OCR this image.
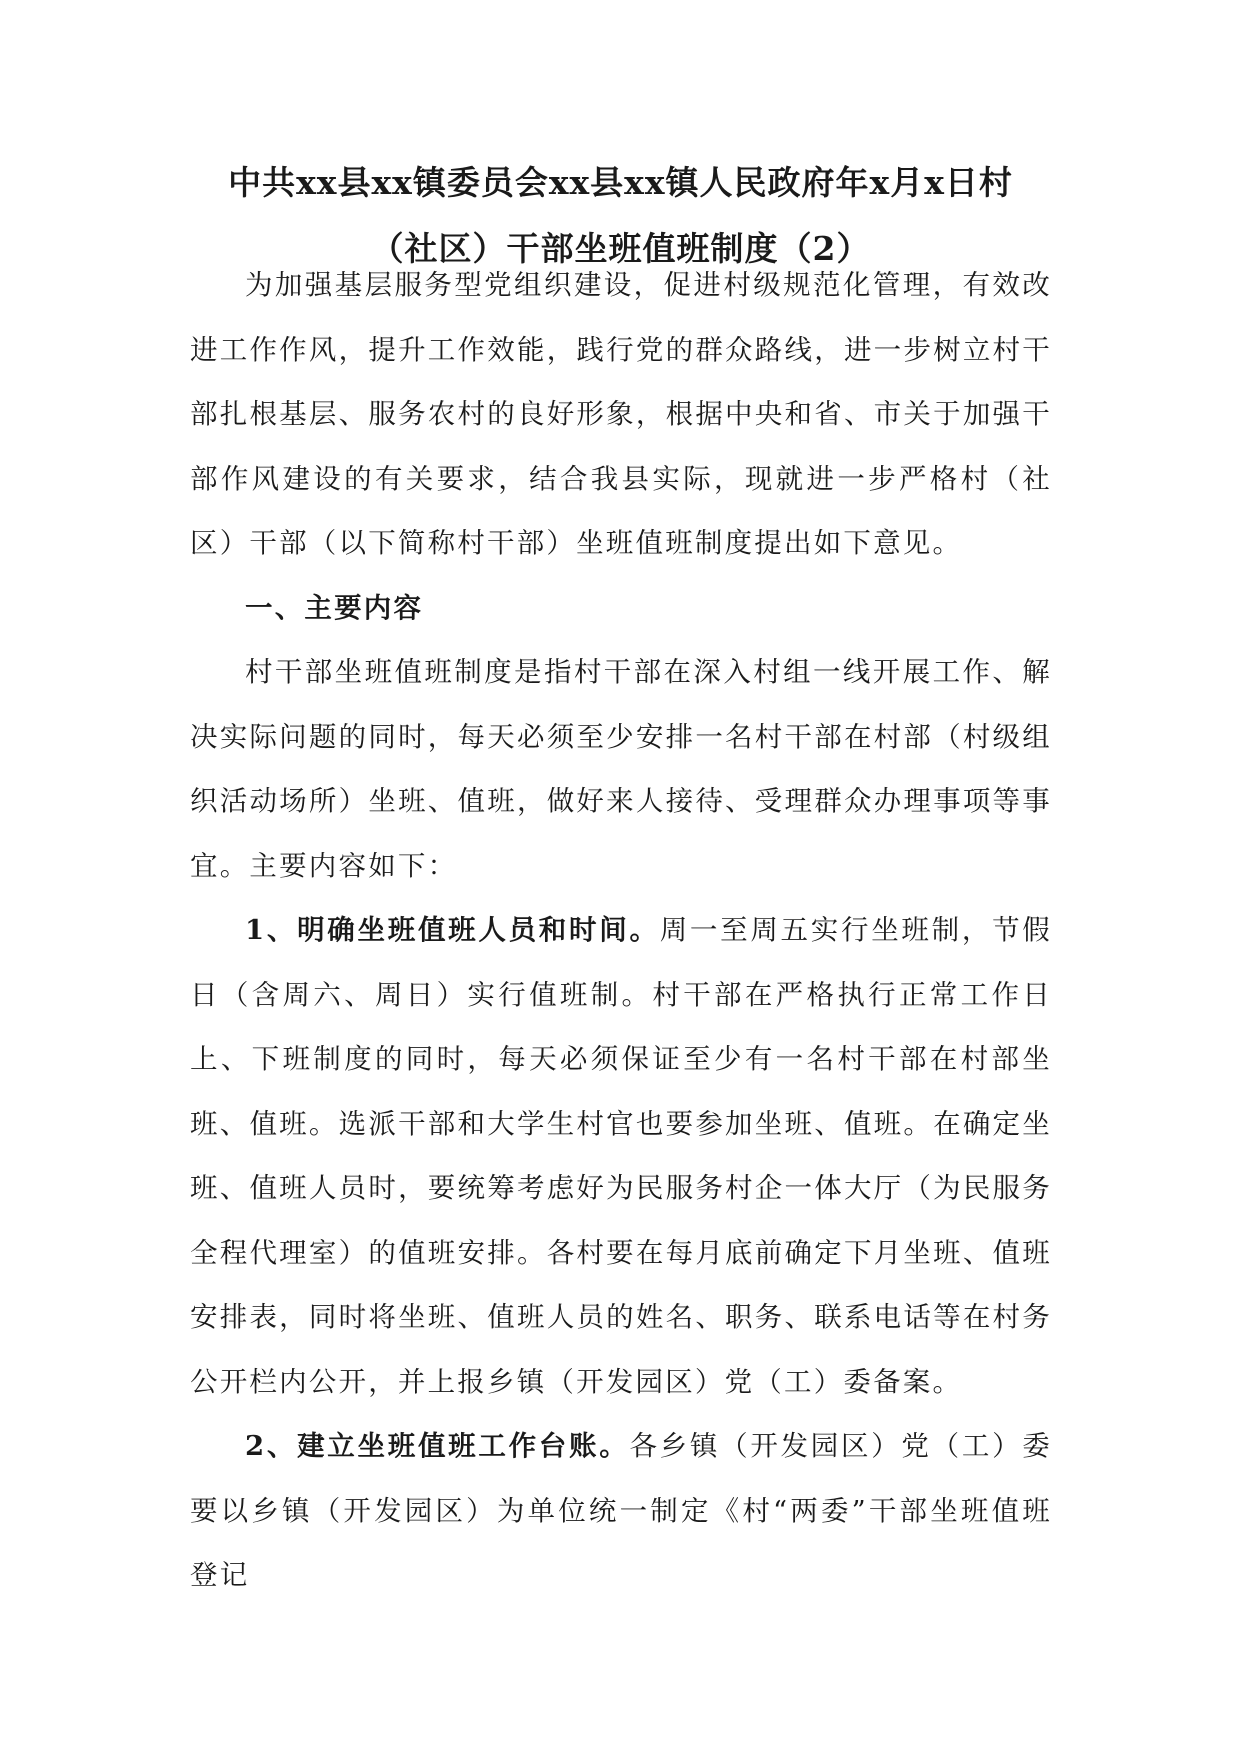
中共xx县xx镇委员会xx县xx镇人民政府年x月x日村
（社区）干部坐班值班制度（2）

为加强基层服务型党组织建设，促进村级规范化管理，有效改进工作作风，提升工作效能，践行党的群众路线，进一步树立村干部扎根基层、服务农村的良好形象，根据中央和省、市关于加强干部作风建设的有关要求，结合我县实际，现就进一步严格村（社区）干部（以下简称村干部）坐班值班制度提出如下意见。

一、主要内容

村干部坐班值班制度是指村干部在深入村组一线开展工作、解决实际问题的同时，每天必须至少安排一名村干部在村部（村级组织活动场所）坐班、值班，做好来人接待、受理群众办理事项等事宜。主要内容如下：

1、明确坐班值班人员和时间。周一至周五实行坐班制，节假日（含周六、周日）实行值班制。村干部在严格执行正常工作日上、下班制度的同时，每天必须保证至少有一名村干部在村部坐班、值班。选派干部和大学生村官也要参加坐班、值班。在确定坐班、值班人员时，要统筹考虑好为民服务村企一体大厅（为民服务全程代理室）的值班安排。各村要在每月底前确定下月坐班、值班安排表，同时将坐班、值班人员的姓名、职务、联系电话等在村务公开栏内公开，并上报乡镇（开发园区）党（工）委备案。

2、建立坐班值班工作台账。各乡镇（开发园区）党（工）委要以乡镇（开发园区）为单位统一制定《村“两委”干部坐班值班登记
